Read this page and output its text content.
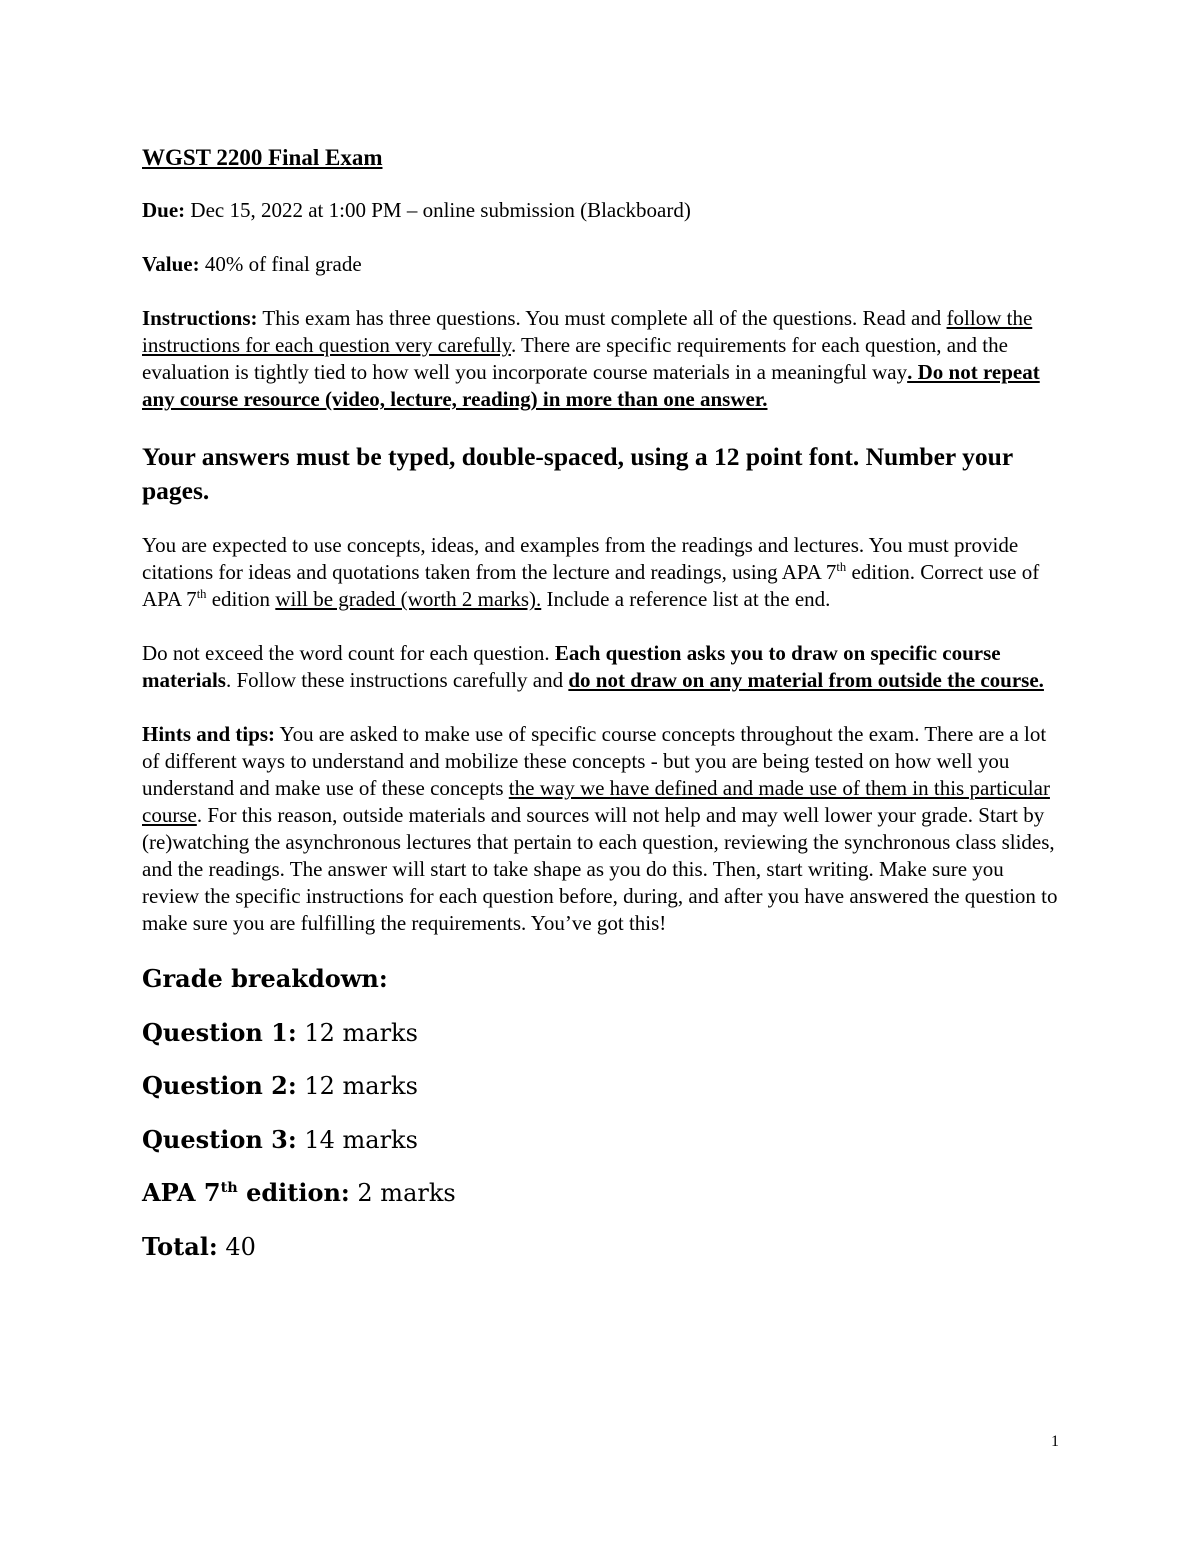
WGST 2200 Final Exam

Due: Dec 15, 2022 at 1:00 PM – online submission (Blackboard)

Value: 40% of final grade

Instructions: This exam has three questions. You must complete all of the questions. Read and follow the instructions for each question very carefully. There are specific requirements for each question, and the evaluation is tightly tied to how well you incorporate course materials in a meaningful way. Do not repeat any course resource (video, lecture, reading) in more than one answer.

Your answers must be typed, double-spaced, using a 12 point font. Number your pages.

You are expected to use concepts, ideas, and examples from the readings and lectures. You must provide citations for ideas and quotations taken from the lecture and readings, using APA 7th edition. Correct use of APA 7th edition will be graded (worth 2 marks). Include a reference list at the end.

Do not exceed the word count for each question. Each question asks you to draw on specific course materials. Follow these instructions carefully and do not draw on any material from outside the course.

Hints and tips: You are asked to make use of specific course concepts throughout the exam. There are a lot of different ways to understand and mobilize these concepts - but you are being tested on how well you understand and make use of these concepts the way we have defined and made use of them in this particular course. For this reason, outside materials and sources will not help and may well lower your grade. Start by (re)watching the asynchronous lectures that pertain to each question, reviewing the synchronous class slides, and the readings. The answer will start to take shape as you do this. Then, start writing. Make sure you review the specific instructions for each question before, during, and after you have answered the question to make sure you are fulfilling the requirements. You’ve got this!

Grade breakdown:

Question 1: 12 marks

Question 2: 12 marks

Question 3: 14 marks

APA 7th edition: 2 marks

Total: 40

1
